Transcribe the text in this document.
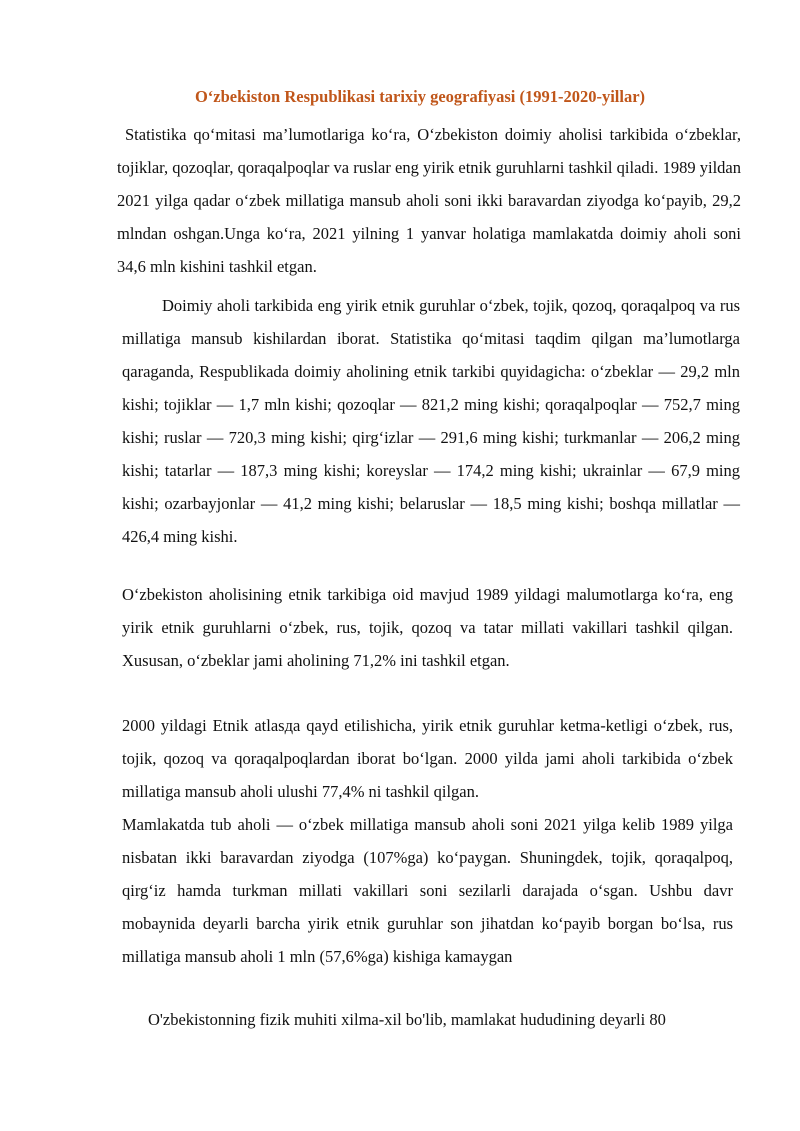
O‘zbekiston Respublikasi tarixiy geografiyasi (1991-2020-yillar)

Statistika qo‘mitasi ma’lumotlariga ko‘ra, O‘zbekiston doimiy aholisi tarkibida o‘zbeklar, tojiklar, qozoqlar, qoraqalpoqlar va ruslar eng yirik etnik guruhlarni tashkil qiladi. 1989 yildan 2021 yilga qadar o‘zbek millatiga mansub aholi soni ikki baravardan ziyodga ko‘payib, 29,2 mlndan oshgan.Unga ko‘ra, 2021 yilning 1 yanvar holatiga mamlakatda doimiy aholi soni 34,6 mln kishini tashkil etgan.

Doimiy aholi tarkibida eng yirik etnik guruhlar o‘zbek, tojik, qozoq, qoraqalpoq va rus millatiga mansub kishilardan iborat. Statistika qo‘mitasi taqdim qilgan ma’lumotlarga qaraganda, Respublikada doimiy aholining etnik tarkibi quyidagicha: o‘zbeklar — 29,2 mln kishi; tojiklar — 1,7 mln kishi; qozoqlar — 821,2 ming kishi; qoraqalpoqlar — 752,7 ming kishi; ruslar — 720,3 ming kishi; qirg‘izlar — 291,6 ming kishi; turkmanlar — 206,2 ming kishi; tatarlar — 187,3 ming kishi; koreyslar — 174,2 ming kishi; ukrainlar — 67,9 ming kishi; ozarbayjonlar — 41,2 ming kishi; belaruslar — 18,5 ming kishi; boshqa millatlar — 426,4 ming kishi.

O‘zbekiston aholisining etnik tarkibiga oid mavjud 1989 yildagi malumotlarga ko‘ra, eng yirik etnik guruhlarni o‘zbek, rus, tojik, qozoq va tatar millati vakillari tashkil qilgan. Xususan, o‘zbeklar jami aholining 71,2% ini tashkil etgan.

2000 yildagi Etnik atlasда qayd etilishicha, yirik etnik guruhlar ketma-ketligi o‘zbek, rus, tojik, qozoq va qoraqalpoqlardan iborat bo‘lgan. 2000 yilda jami aholi tarkibida o‘zbek millatiga mansub aholi ulushi 77,4% ni tashkil qilgan.

Mamlakatda tub aholi — o‘zbek millatiga mansub aholi soni 2021 yilga kelib 1989 yilga nisbatan ikki baravardan ziyodga (107%ga) ko‘paygan. Shuningdek, tojik, qoraqalpoq, qirg‘iz hamda turkman millati vakillari soni sezilarli darajada o‘sgan. Ushbu davr mobaynida deyarli barcha yirik etnik guruhlar son jihatdan ko‘payib borgan bo‘lsa, rus millatiga mansub aholi 1 mln (57,6%ga) kishiga kamaygan

O'zbekistonning fizik muhiti xilma-xil bo'lib, mamlakat hududining deyarli 80
